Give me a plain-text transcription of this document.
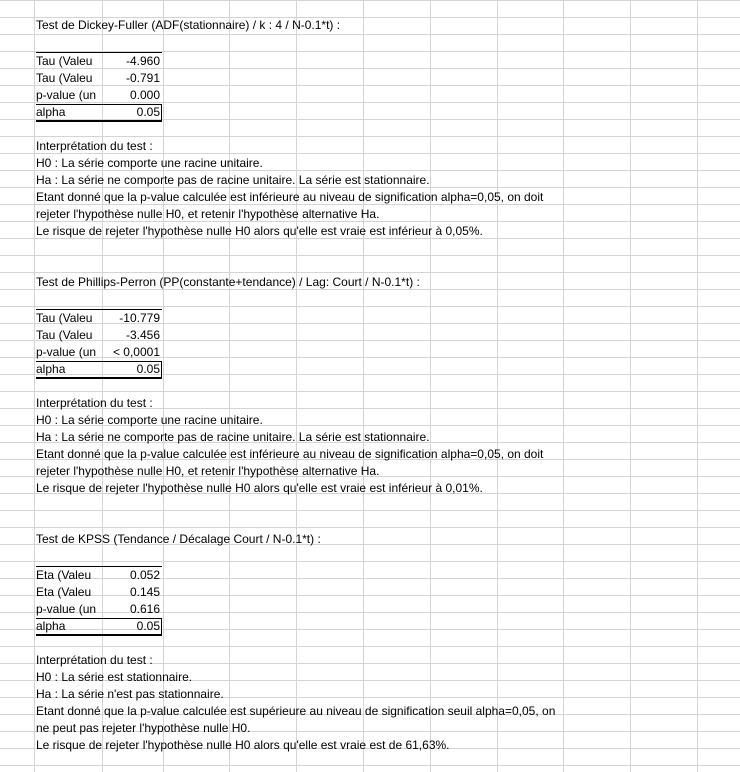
Test de Dickey-Fuller (ADF(stationnaire) / k : 4 / N-0.1*t) :
Tau (Valeu	-4.960
Tau (Valeu	-0.791
p-value (un	0.000
alpha	0.05
Interprétation du test :
H0 : La série comporte une racine unitaire.
Ha : La série ne comporte pas de racine unitaire. La série est stationnaire.
Etant donné que la p-value calculée est inférieure au niveau de signification alpha=0,05, on doit
rejeter l'hypothèse nulle H0, et retenir l'hypothèse alternative Ha.
Le risque de rejeter l'hypothèse nulle H0 alors qu'elle est vraie est inférieur à 0,05%.
Test de Phillips-Perron (PP(constante+tendance) / Lag: Court / N-0.1*t) :
Tau (Valeu	-10.779
Tau (Valeu	-3.456
p-value (un	< 0,0001
alpha	0.05
Interprétation du test :
H0 : La série comporte une racine unitaire.
Ha : La série ne comporte pas de racine unitaire. La série est stationnaire.
Etant donné que la p-value calculée est inférieure au niveau de signification alpha=0,05, on doit
rejeter l'hypothèse nulle H0, et retenir l'hypothèse alternative Ha.
Le risque de rejeter l'hypothèse nulle H0 alors qu'elle est vraie est inférieur à 0,01%.
Test de KPSS (Tendance / Décalage Court / N-0.1*t) :
Eta (Valeu	0.052
Eta (Valeu	0.145
p-value (un	0.616
alpha	0.05
Interprétation du test :
H0 : La série est stationnaire.
Ha : La série n'est pas stationnaire.
Etant donné que la p-value calculée est supérieure au niveau de signification seuil alpha=0,05, on
ne peut pas rejeter l'hypothèse nulle H0.
Le risque de rejeter l'hypothèse nulle H0 alors qu'elle est vraie est de 61,63%.
